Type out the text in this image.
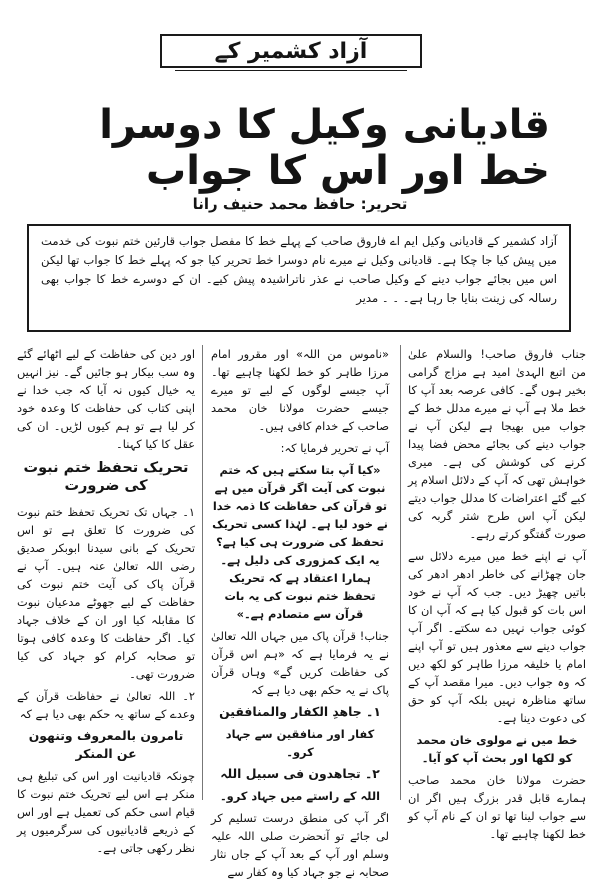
آزاد کشمیر کے
قادیانی وکیل کا دوسرا خط اور اس کا جواب
تحریر: حافظ محمد حنیف رانا
آزاد کشمیر کے قادیانی وکیل ایم اے فاروق صاحب کے پہلے خط کا مفصل جواب قارئین ختم نبوت کی خدمت میں پیش کیا جا چکا ہے۔ قادیانی وکیل نے میرے نام دوسرا خط تحریر کیا جو کہ پہلے خط کا جواب تھا لیکن اس میں بجائے جواب دینے کے وکیل صاحب نے عذر ناتراشیدہ پیش کیے۔ ان کے دوسرے خط کا جواب بھی رسالہ کی زینت بنایا جا رہا ہے۔ ۔ ۔ مدیر

جناب فاروق صاحب! والسلام علیٰ من اتبع الہدیٰ امید ہے مزاج گرامی بخیر ہوں گے۔ کافی عرصہ بعد آپ کا خط ملا ہے آپ نے میرے مدلل خط کے جواب میں بھیجا ہے لیکن آپ نے جواب دینے کی بجائے محض فضا پیدا کرنے کی کوشش کی ہے۔ میری خواہش تھی کہ آپ کے دلائل اسلام پر کیے گئے اعتراضات کا مدلل جواب دیتے لیکن آپ اس طرح شتر گربہ کی صورت گفتگو کرتے رہے۔

آپ نے اپنے خط میں میرے دلائل سے جان چھڑانے کی خاطر ادھر ادھر کی باتیں چھیڑ دیں۔ جب کہ آپ نے خود اس بات کو قبول کیا ہے کہ آپ ان کا کوئی جواب نہیں دے سکتے۔ اگر آپ جواب دینے سے معذور ہیں تو آپ اپنے امام یا خلیفہ مرزا طاہر کو لکھ دیں کہ وہ جواب دیں۔ میرا مقصد آپ کے ساتھ مناظرہ نہیں بلکہ آپ کو حق کی دعوت دینا ہے۔

خط میں نے مولوی خان محمد کو لکھا اور بحث آپ کو آیا۔

حضرت مولانا خان محمد صاحب ہمارے قابل قدر بزرگ ہیں اگر ان سے جواب لینا تھا تو ان کے نام آپ کو خط لکھنا چاہیے تھا۔

«ناموس من اللہ» اور مقرور امام مرزا طاہر کو خط لکھنا چاہیے تھا۔ آپ جیسے لوگوں کے لیے تو میرے جیسے حضرت مولانا خان محمد صاحب کے خدام کافی ہیں۔

آپ نے تحریر فرمایا کہ:

«کیا آپ بتا سکتے ہیں کہ ختم نبوت کی آیت اگر قرآن میں ہے تو قرآن کی حفاظت کا ذمہ خدا نے خود لیا ہے۔ لہٰذا کسی تحریک تحفظ کی ضرورت ہی کیا ہے؟ یہ ایک کمزوری کی دلیل ہے۔ ہمارا اعتقاد ہے کہ تحریک تحفظ ختم نبوت کی یہ بات قرآن سے متصادم ہے۔»

جناب! قرآن پاک میں جہاں اللہ تعالیٰ نے یہ فرمایا ہے کہ «ہم اس قرآن کی حفاظت کریں گے» وہاں قرآن پاک نے یہ حکم بھی دیا ہے کہ

١۔ جاھدِ الکفار والمنافقین

کفار اور منافقین سے جہاد کرو۔

٢۔ تجاھدون فی سبیل اللہ

اللہ کے راستے میں جہاد کرو۔

اگر آپ کی منطق درست تسلیم کر لی جائے تو آنحضرت صلی اللہ علیہ وسلم اور آپ کے بعد آپ کے جاں نثار صحابہ نے جو جہاد کیا وہ کفار سے

اور دین کی حفاظت کے لیے اٹھائے گئے وہ سب بیکار ہو جائیں گے۔ نیز انہیں یہ خیال کیوں نہ آیا کہ جب خدا نے اپنی کتاب کی حفاظت کا وعدہ خود کر لیا ہے تو ہم کیوں لڑیں۔ ان کی عقل کا کیا کہنا۔

تحریک تحفظ ختم نبوت کی ضرورت

١۔ جہاں تک تحریک تحفظ ختم نبوت کی ضرورت کا تعلق ہے تو اس تحریک کے بانی سیدنا ابوبکر صدیق رضی اللہ تعالیٰ عنہ ہیں۔ آپ نے قرآن پاک کی آیت ختم نبوت کی حفاظت کے لیے جھوٹے مدعیان نبوت کا مقابلہ کیا اور ان کے خلاف جہاد کیا۔ اگر حفاظت کا وعدہ کافی ہوتا تو صحابہ کرام کو جہاد کی کیا ضرورت تھی۔

٢۔ اللہ تعالیٰ نے حفاظت قرآن کے وعدے کے ساتھ یہ حکم بھی دیا ہے کہ

تامرون بالمعروف وتنھون عن المنکر

چونکہ قادیانیت اور اس کی تبلیغ ہی منکر ہے اس لیے تحریک ختم نبوت کا قیام اسی حکم کی تعمیل ہے اور اس کے ذریعے قادیانیوں کی سرگرمیوں پر نظر رکھی جاتی ہے۔
